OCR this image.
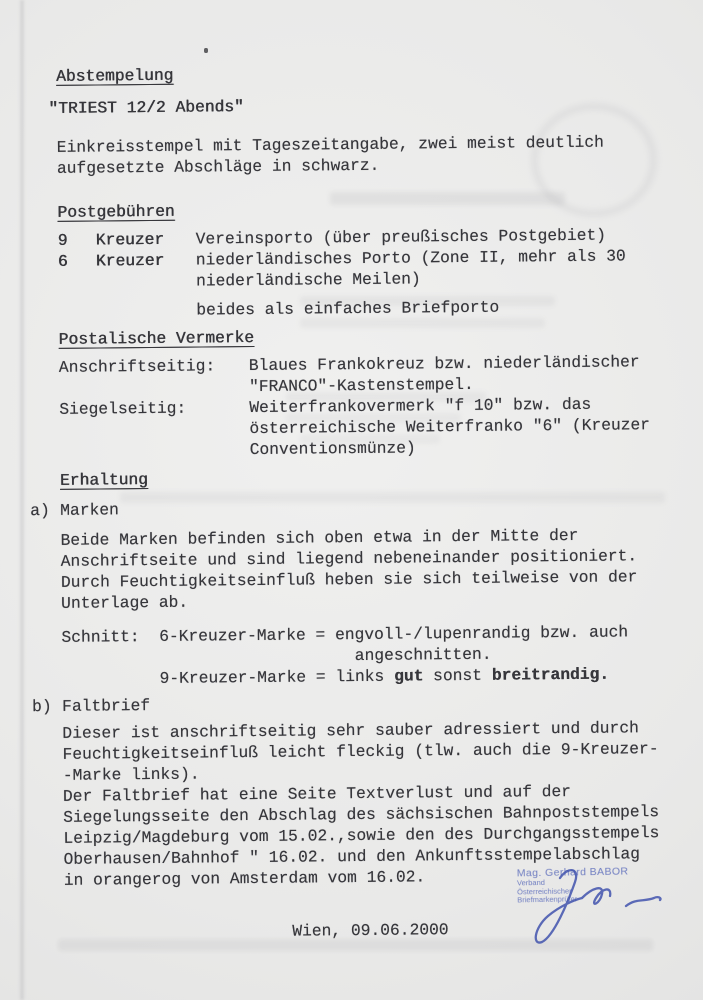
Abstempelung
"TRIEST 12/2 Abends"
Einkreisstempel mit Tageszeitangabe, zwei meist deutlich
aufgesetzte Abschläge in schwarz.
Postgebühren
9	Kreuzer	Vereinsporto (über preußisches Postgebiet)
6	Kreuzer	niederländisches Porto (Zone II, mehr als 30
niederländische Meilen)
beides als einfaches Briefporto
Postalische Vermerke
Anschriftseitig:	Blaues Frankokreuz bzw. niederländischer
"FRANCO"-Kastenstempel.
Siegelseitig:	Weiterfrankovermerk "f 10" bzw. das
österreichische Weiterfranko "6" (Kreuzer
Conventionsmünze)
Erhaltung
a) Marken
Beide Marken befinden sich oben etwa in der Mitte der
Anschriftseite und sind liegend nebeneinander positioniert.
Durch Feuchtigkeitseinfluß heben sie sich teilweise von der
Unterlage ab.
Schnitt:  6-Kreuzer-Marke = engvoll-/lupenrandig bzw. auch
angeschnitten.
9-Kreuzer-Marke = links gut sonst breitrandig.
b) Faltbrief
Dieser ist anschriftseitig sehr sauber adressiert und durch
Feuchtigkeitseinfluß leicht fleckig (tlw. auch die 9-Kreuzer-
-Marke links).
Der Faltbrief hat eine Seite Textverlust und auf der
Siegelungsseite den Abschlag des sächsischen Bahnpoststempels
Leipzig/Magdeburg vom 15.02.,sowie den des Durchgangsstempels
Oberhausen/Bahnhof " 16.02. und den Ankunftsstempelabschlag
in orangerog von Amsterdam vom 16.02.
Wien, 09.06.2000
Mag. Gerhard BABOR
Verband
Österreichischer
Briefmarkenprüfer
